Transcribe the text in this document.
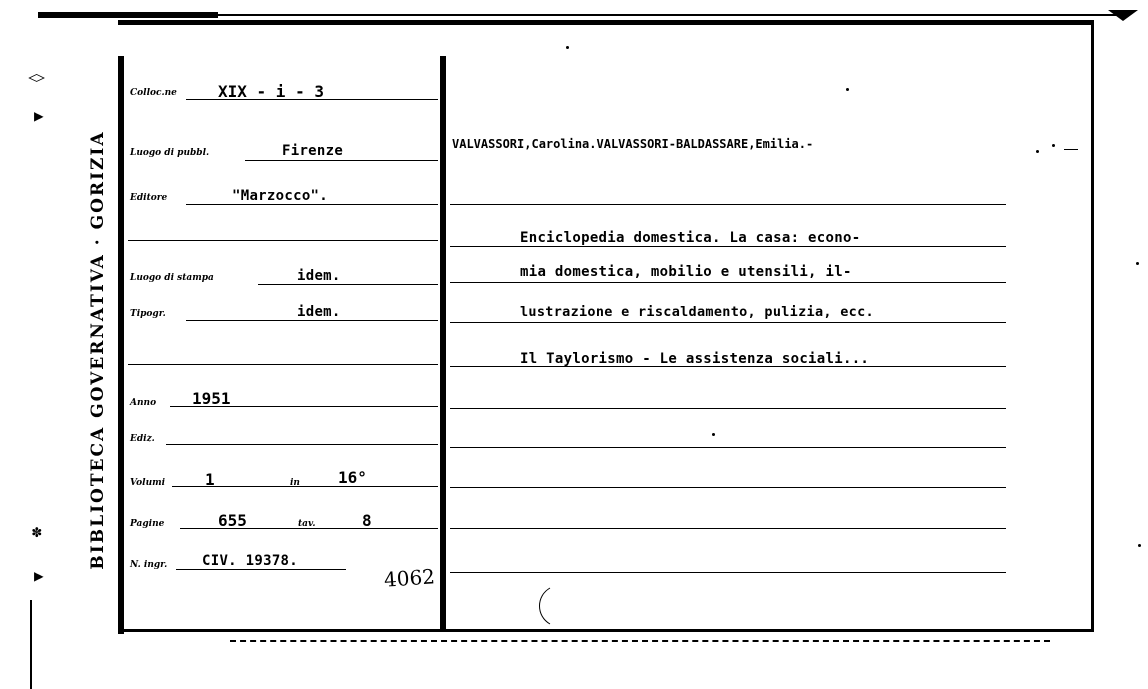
◊
▶
✽
▶
BIBLIOTECA GOVERNATIVA · GORIZIA
Colloc.ne	XIX - i - 3
Luogo di pubbl.	Firenze
Editore	"Marzocco".
Luogo di stampa	idem.
Tipogr.	idem.
Anno 1951
Ediz.
Volumi 1	in 16°
Pagine	655	tav.	8
N. ingr. CIV. 19378.
4062
VALVASSORI,Carolina.VALVASSORI-BALDASSARE,Emilia.-
Enciclopedia domestica. La casa: econo-
mia domestica, mobilio e utensili, il-
lustrazione e riscaldamento, pulizia, ecc.
Il Taylorismo - Le assistenza sociali...
